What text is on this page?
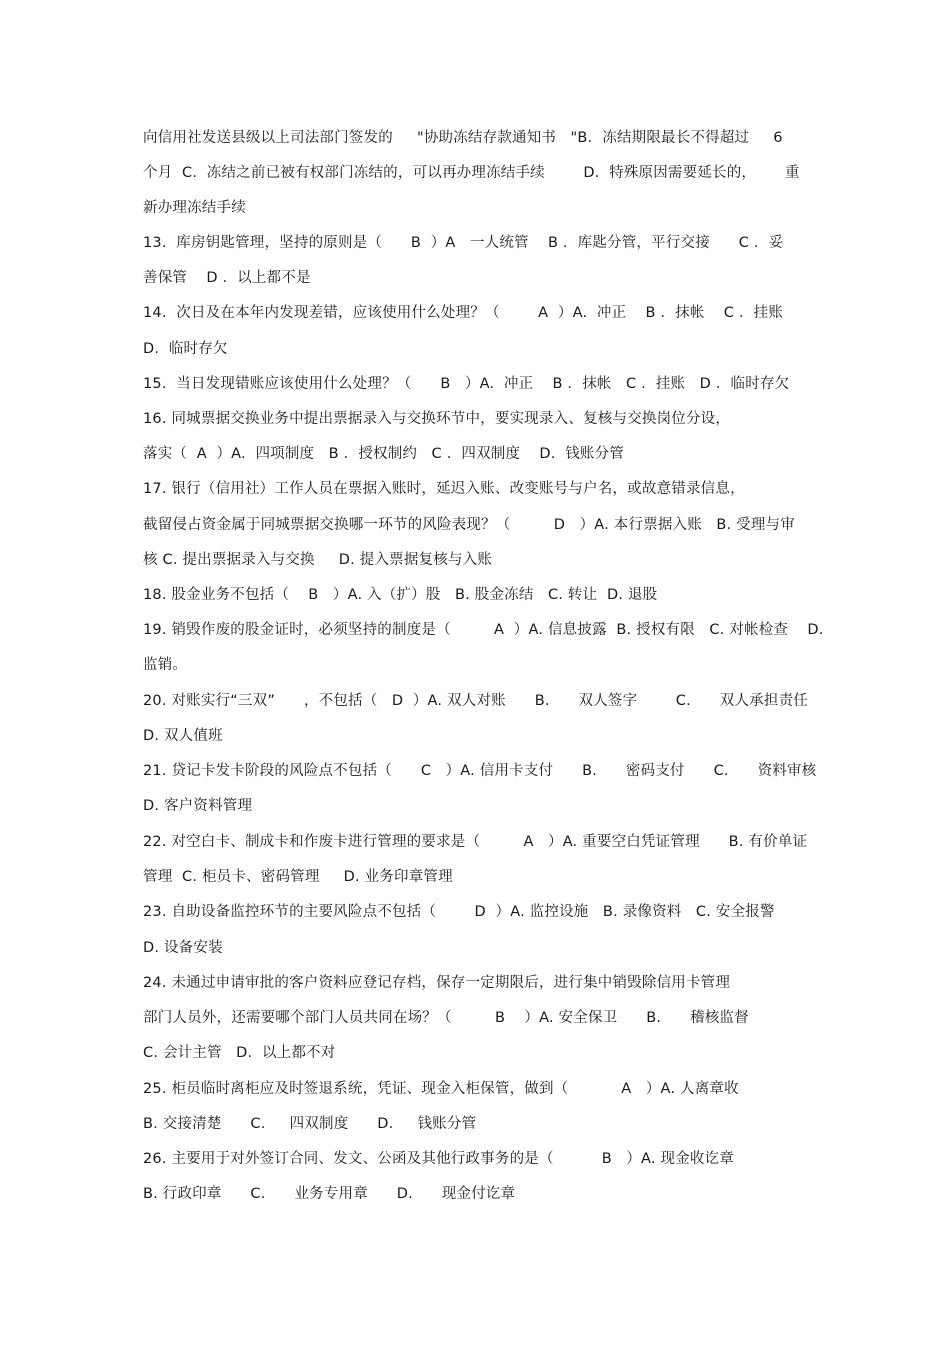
向信用社发送县级以上司法部门签发的     "协助冻结存款通知书   "B．冻结期限最长不得超过     6
个月  C.  冻结之前已被有权部门冻结的，可以再办理冻结手续        D.  特殊原因需要延长的，      重
新办理冻结手续
13.  库房钥匙管理，坚持的原则是（      B  ）A   一人统管    B ．库匙分管，平行交接      C ．妥
善保管    D ．以上都不是
14.  次日及在本年内发现差错，应该使用什么处理？（        A  ）A.  冲正    B ．抹帐    C ．挂账
D.  临时存欠
15.  当日发现错账应该使用什么处理？（      B   ）A.  冲正    B ．抹帐   C ．挂账   D ．临时存欠
16. 同城票据交换业务中提出票据录入与交换环节中，要实现录入、复核与交换岗位分设，
落实（  A  ）A.  四项制度   B ．授权制约   C ．四双制度    D.  钱账分管
17. 银行（信用社）工作人员在票据入账时，延迟入账、改变账号与户名，或故意错录信息，
截留侵占资金属于同城票据交换哪一环节的风险表现？（         D   ）A. 本行票据入账   B. 受理与审
核 C. 提出票据录入与交换     D. 提入票据复核与入账
18. 股金业务不包括（    B   ）A. 入（扩）股   B. 股金冻结   C. 转让  D. 退股
19. 销毁作废的股金证时，必须坚持的制度是（         A  ）A. 信息披露  B. 授权有限   C. 对帐检查    D.
监销。
20. 对账实行“三双”      ，不包括（   D  ）A. 双人对账      B.      双人签字        C.      双人承担责任
D. 双人值班
21. 贷记卡发卡阶段的风险点不包括（      C   ）A. 信用卡支付      B.      密码支付      C.      资料审核
D. 客户资料管理
22. 对空白卡、制成卡和作废卡进行管理的要求是（         A   ）A. 重要空白凭证管理      B. 有价单证
管理  C. 柜员卡、密码管理     D. 业务印章管理
23. 自助设备监控环节的主要风险点不包括（        D  ）A. 监控设施   B. 录像资料   C. 安全报警
D. 设备安装
24. 未通过申请审批的客户资料应登记存档，保存一定期限后，进行集中销毁除信用卡管理
部门人员外，还需要哪个部门人员共同在场？（         B    ）A. 安全保卫      B.      稽核监督
C. 会计主管   D.  以上都不对
25. 柜员临时离柜应及时签退系统，凭证、现金入柜保管，做到（           A   ）A. 人离章收
B. 交接清楚      C.     四双制度      D.     钱账分管
26. 主要用于对外签订合同、发文、公函及其他行政事务的是（          B   ）A. 现金收讫章
B. 行政印章      C.      业务专用章      D.      现金付讫章
